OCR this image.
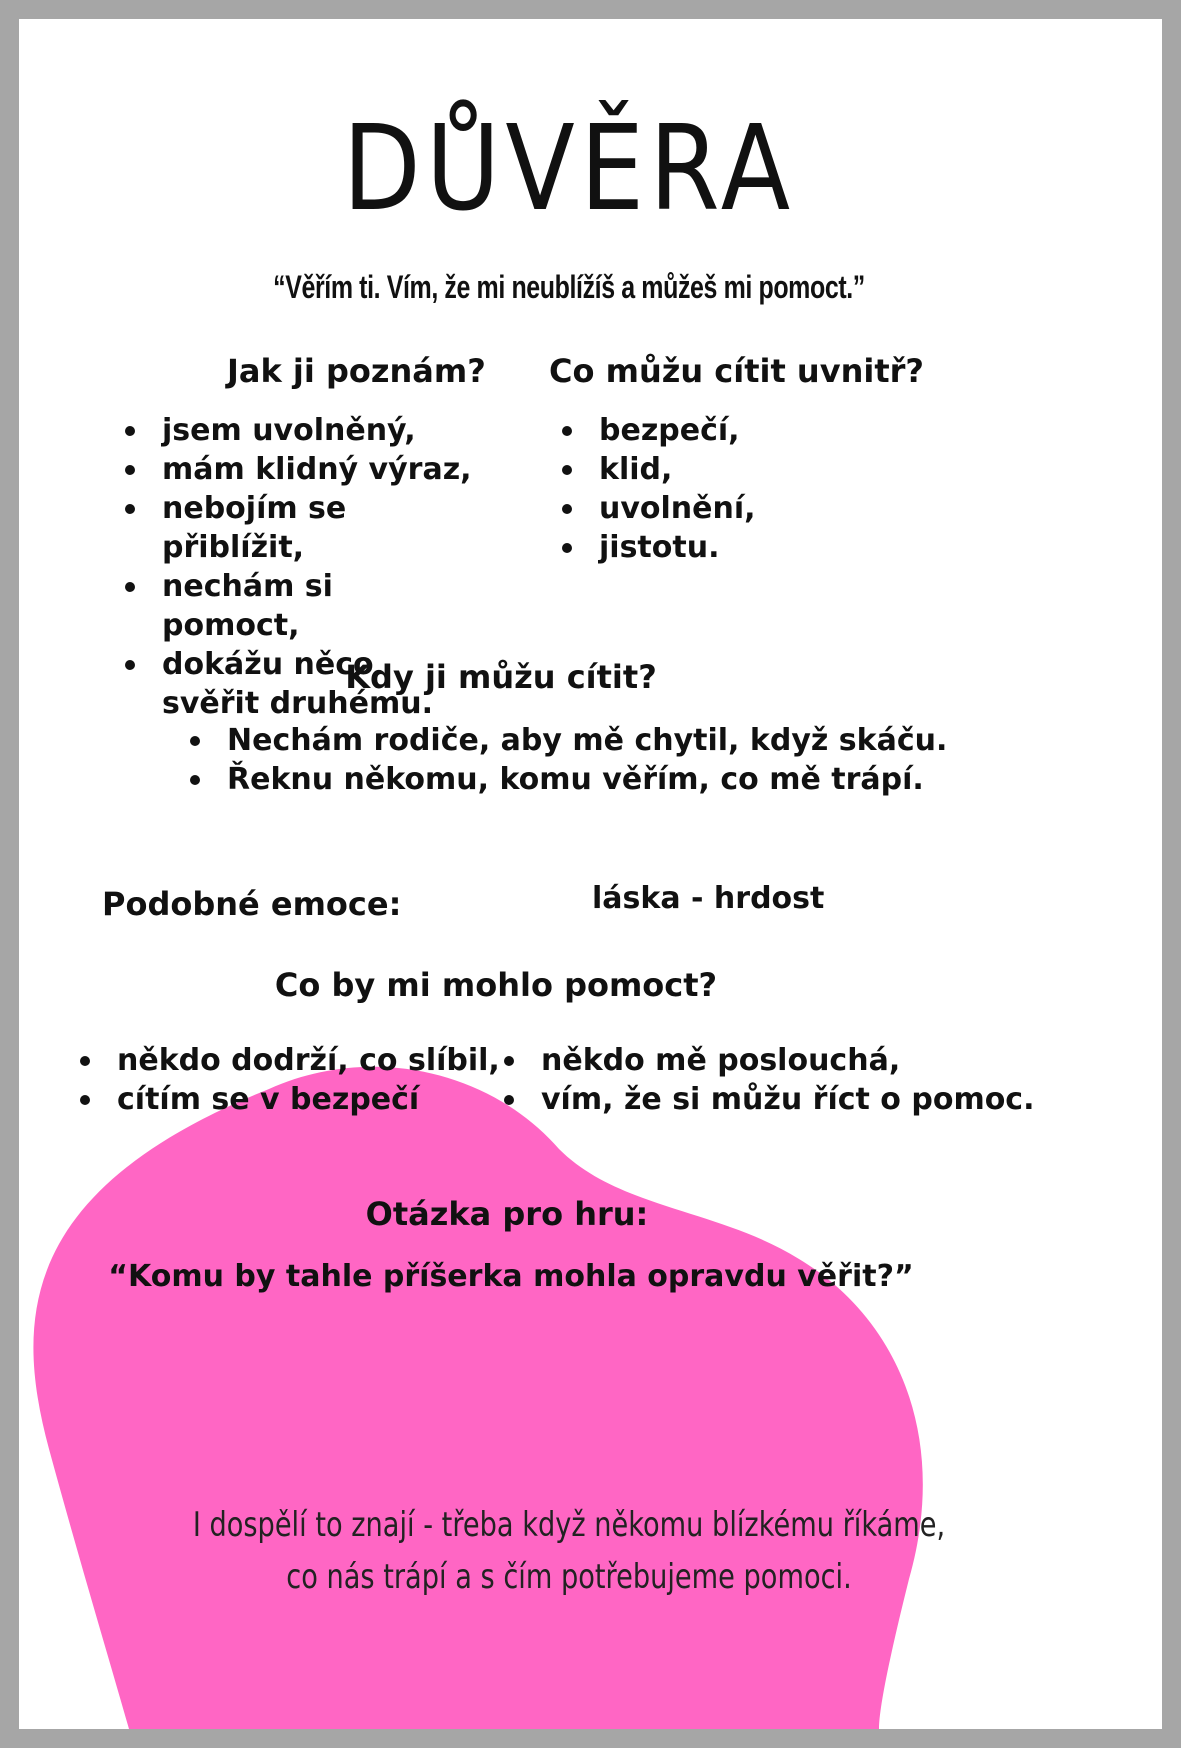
DŮVĚRA
“Věřím ti. Vím, že mi neublížíš a můžeš mi pomoct.”
Jak ji poznám?
jsem uvolněný,
mám klidný výraz,
nebojím se přiblížit,
nechám si pomoct,
dokážu něco svěřit druhému.
Co můžu cítit uvnitř?
bezpečí,
klid,
uvolnění,
jistotu.
Kdy ji můžu cítit?
Nechám rodiče, aby mě chytil, když skáču.
Řeknu někomu, komu věřím, co mě trápí.
Podobné emoce:	láska - hrdost
Co by mi mohlo pomoct?
někdo dodrží, co slíbil,
cítím se v bezpečí
někdo mě poslouchá,
vím, že si můžu říct o pomoc.
Otázka pro hru:
“Komu by tahle příšerka mohla opravdu věřit?”
I dospělí to znají - třeba když někomu blízkému říkáme, co nás trápí a s čím potřebujeme pomoci.
